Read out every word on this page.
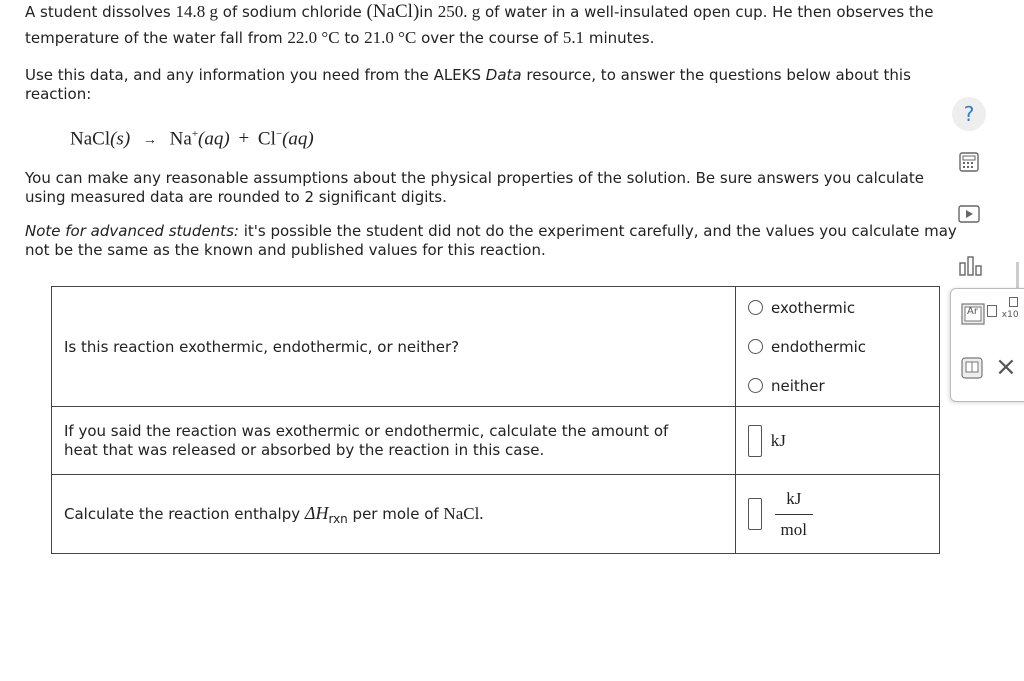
A student dissolves 14.8 g of sodium chloride (NaCl)in 250. g of water in a well-insulated open cup. He then observes the
temperature of the water fall from 22.0 °C to 21.0 °C over the course of 5.1 minutes.
Use this data, and any information you need from the ALEKS Data resource, to answer the questions below about this
reaction:
NaCl(s) → Na+(aq) + Cl−(aq)
You can make any reasonable assumptions about the physical properties of the solution. Be sure answers you calculate
using measured data are rounded to 2 significant digits.
Note for advanced students: it's possible the student did not do the experiment carefully, and the values you calculate may
not be the same as the known and published values for this reaction.
Is this reaction exothermic, endothermic, or neither?	exothermic
endothermic
neither

If you said the reaction was exothermic or endothermic, calculate the amount of
heat that was released or absorbed by the reaction in this case.	kJ
Calculate the reaction enthalpy $\Delta H_{rxn}$ per mole of NaCl.	$\frac{kJ}{\text{mol}}$
?
Ar	x10
×
